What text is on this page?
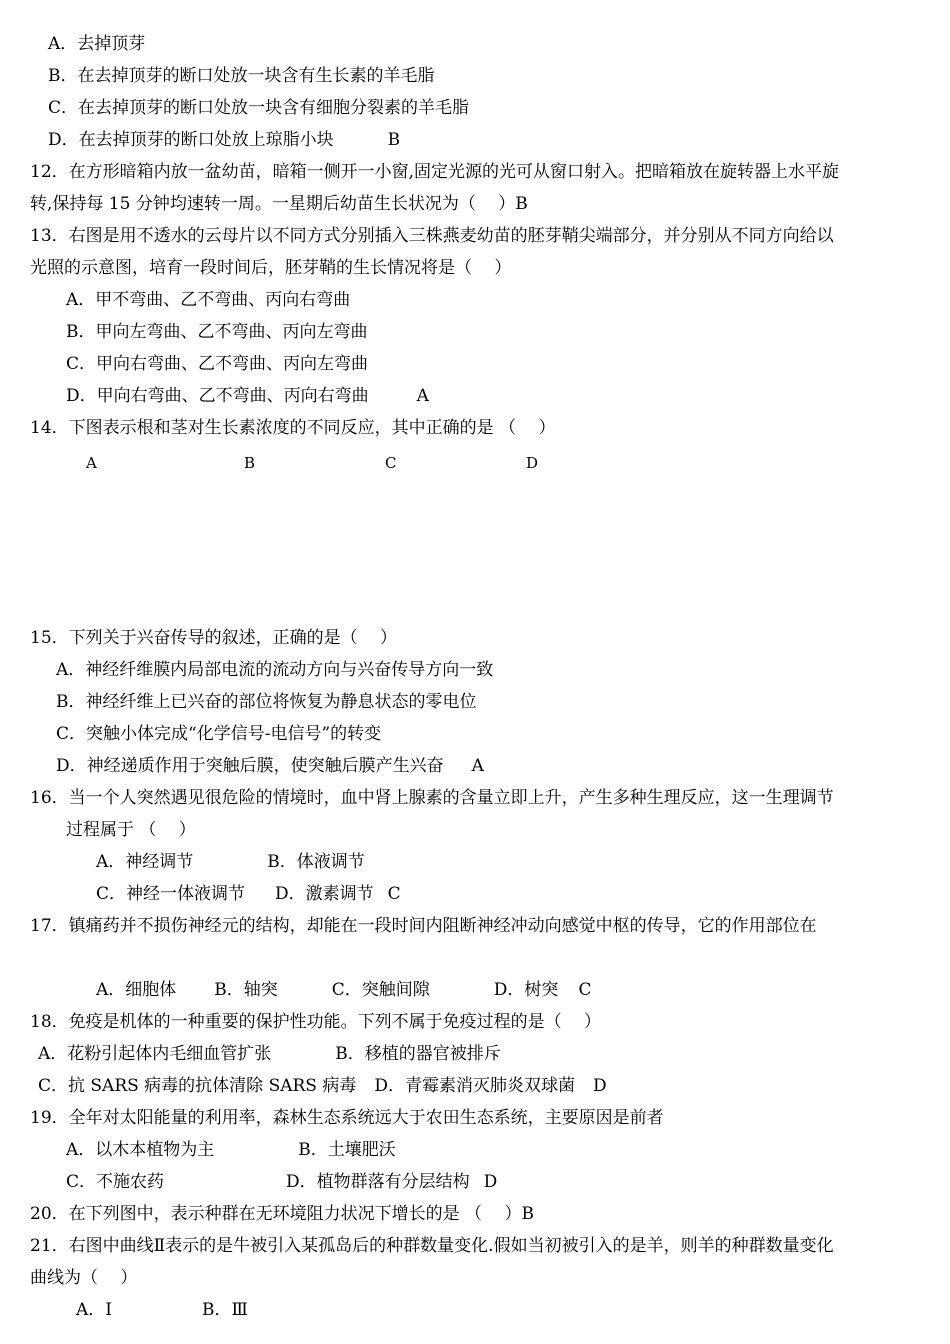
A．去掉顶芽
B．在去掉顶芽的断口处放一块含有生长素的羊毛脂
C．在去掉顶芽的断口处放一块含有细胞分裂素的羊毛脂
D．在去掉顶芽的断口处放上琼脂小块	B
12．在方形暗箱内放一盆幼苗，暗箱一侧开一小窗,固定光源的光可从窗口射入。把暗箱放在旋转器上水平旋
转,保持每 15 分钟均速转一周。一星期后幼苗生长状况为（　 ）B
13．右图是用不透水的云母片以不同方式分别插入三株燕麦幼苗的胚芽鞘尖端部分，并分别从不同方向给以
光照的示意图，培育一段时间后，胚芽鞘的生长情况将是（　 ）
A．甲不弯曲、乙不弯曲、丙向右弯曲
B．甲向左弯曲、乙不弯曲、丙向左弯曲
C．甲向右弯曲、乙不弯曲、丙向左弯曲
D．甲向右弯曲、乙不弯曲、丙向右弯曲	A
14．下图表示根和茎对生长素浓度的不同反应，其中正确的是 （　 ）
A	B	C	D
15．下列关于兴奋传导的叙述，正确的是（　 ）
A．神经纤维膜内局部电流的流动方向与兴奋传导方向一致
B．神经纤维上已兴奋的部位将恢复为静息状态的零电位
C．突触小体完成“化学信号-电信号”的转变
D．神经递质作用于突触后膜，使突触后膜产生兴奋 A
16．当一个人突然遇见很危险的情境时，血中肾上腺素的含量立即上升，产生多种生理反应，这一生理调节
过程属于 （　 ）
A．神经调节	B．体液调节
C．神经一体液调节 D．激素调节 C
17．镇痛药并不损伤神经元的结构，却能在一段时间内阻断神经冲动向感觉中枢的传导，它的作用部位在
A．细胞体 B．轴突	C．突触间隙	D．树突 C
18．免疫是机体的一种重要的保护性功能。下列不属于免疫过程的是（　 ）
A．花粉引起体内毛细血管扩张	B．移植的器官被排斥
C．抗 SARS 病毒的抗体清除 SARS 病毒 D．青霉素消灭肺炎双球菌 D
19．全年对太阳能量的利用率，森林生态系统远大于农田生态系统，主要原因是前者
A．以木本植物为主	B．土壤肥沃
C．不施农药	D．植物群落有分层结构 D
20．在下列图中，表示种群在无环境阻力状况下增长的是 （　 ）B
21．右图中曲线Ⅱ表示的是牛被引入某孤岛后的种群数量变化.假如当初被引入的是羊，则羊的种群数量变化
曲线为（　 ）
A．Ⅰ	B．Ⅲ
